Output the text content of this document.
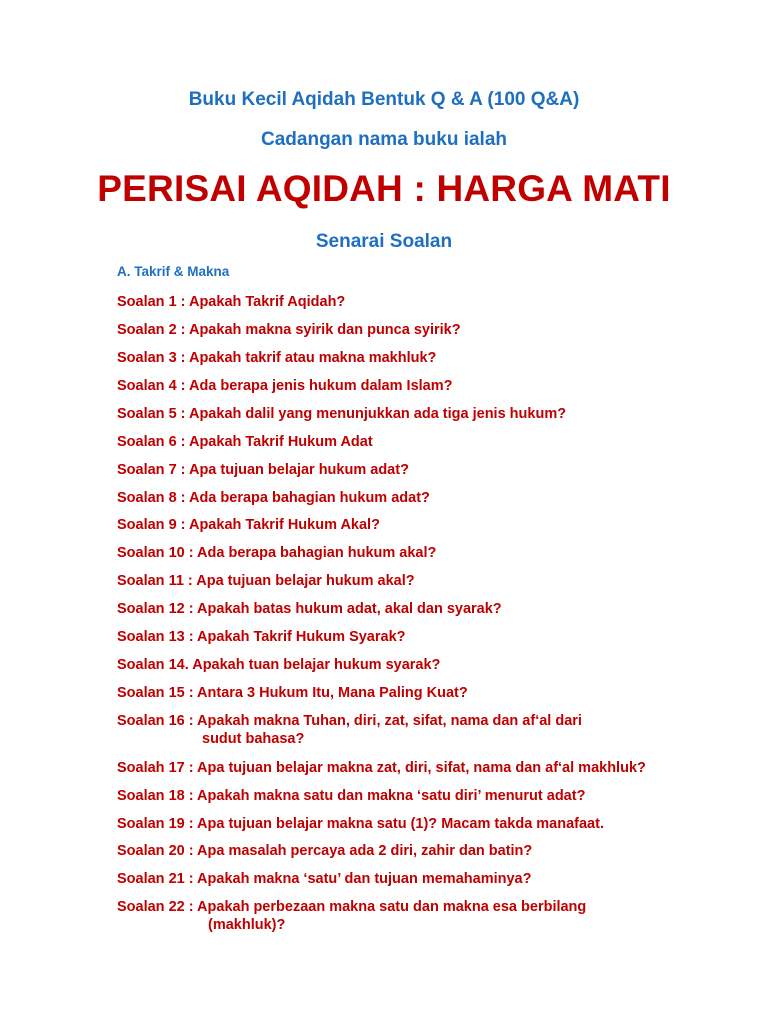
Buku Kecil Aqidah Bentuk Q & A (100 Q&A)
Cadangan nama buku ialah
PERISAI AQIDAH : HARGA MATI
Senarai Soalan
A. Takrif & Makna
Soalan 1 : Apakah Takrif Aqidah?
Soalan 2 : Apakah makna syirik dan punca syirik?
Soalan 3 : Apakah takrif atau makna makhluk?
Soalan 4 : Ada berapa jenis hukum dalam Islam?
Soalan 5 : Apakah dalil yang menunjukkan ada tiga jenis hukum?
Soalan 6 : Apakah Takrif Hukum Adat
Soalan 7 : Apa tujuan belajar hukum adat?
Soalan 8 : Ada berapa bahagian hukum adat?
Soalan 9 : Apakah Takrif Hukum Akal?
Soalan 10 : Ada berapa bahagian hukum akal?
Soalan 11 : Apa tujuan belajar hukum akal?
Soalan 12 : Apakah batas hukum adat, akal dan syarak?
Soalan 13 : Apakah Takrif Hukum Syarak?
Soalan 14. Apakah tuan belajar hukum syarak?
Soalan 15 : Antara 3 Hukum Itu, Mana Paling Kuat?
Soalan 16 : Apakah makna Tuhan, diri, zat, sifat, nama dan af‘al dari
sudut bahasa?
Soalah 17 : Apa tujuan belajar makna zat, diri, sifat, nama dan af‘al makhluk?
Soalan 18 : Apakah makna satu dan makna ‘satu diri’ menurut adat?
Soalan 19 : Apa tujuan belajar makna satu (1)? Macam takda manafaat.
Soalan 20 : Apa masalah percaya ada 2 diri, zahir dan batin?
Soalan 21 : Apakah makna ‘satu’ dan tujuan memahaminya?
Soalan 22 : Apakah perbezaan makna satu dan makna esa berbilang
(makhluk)?
